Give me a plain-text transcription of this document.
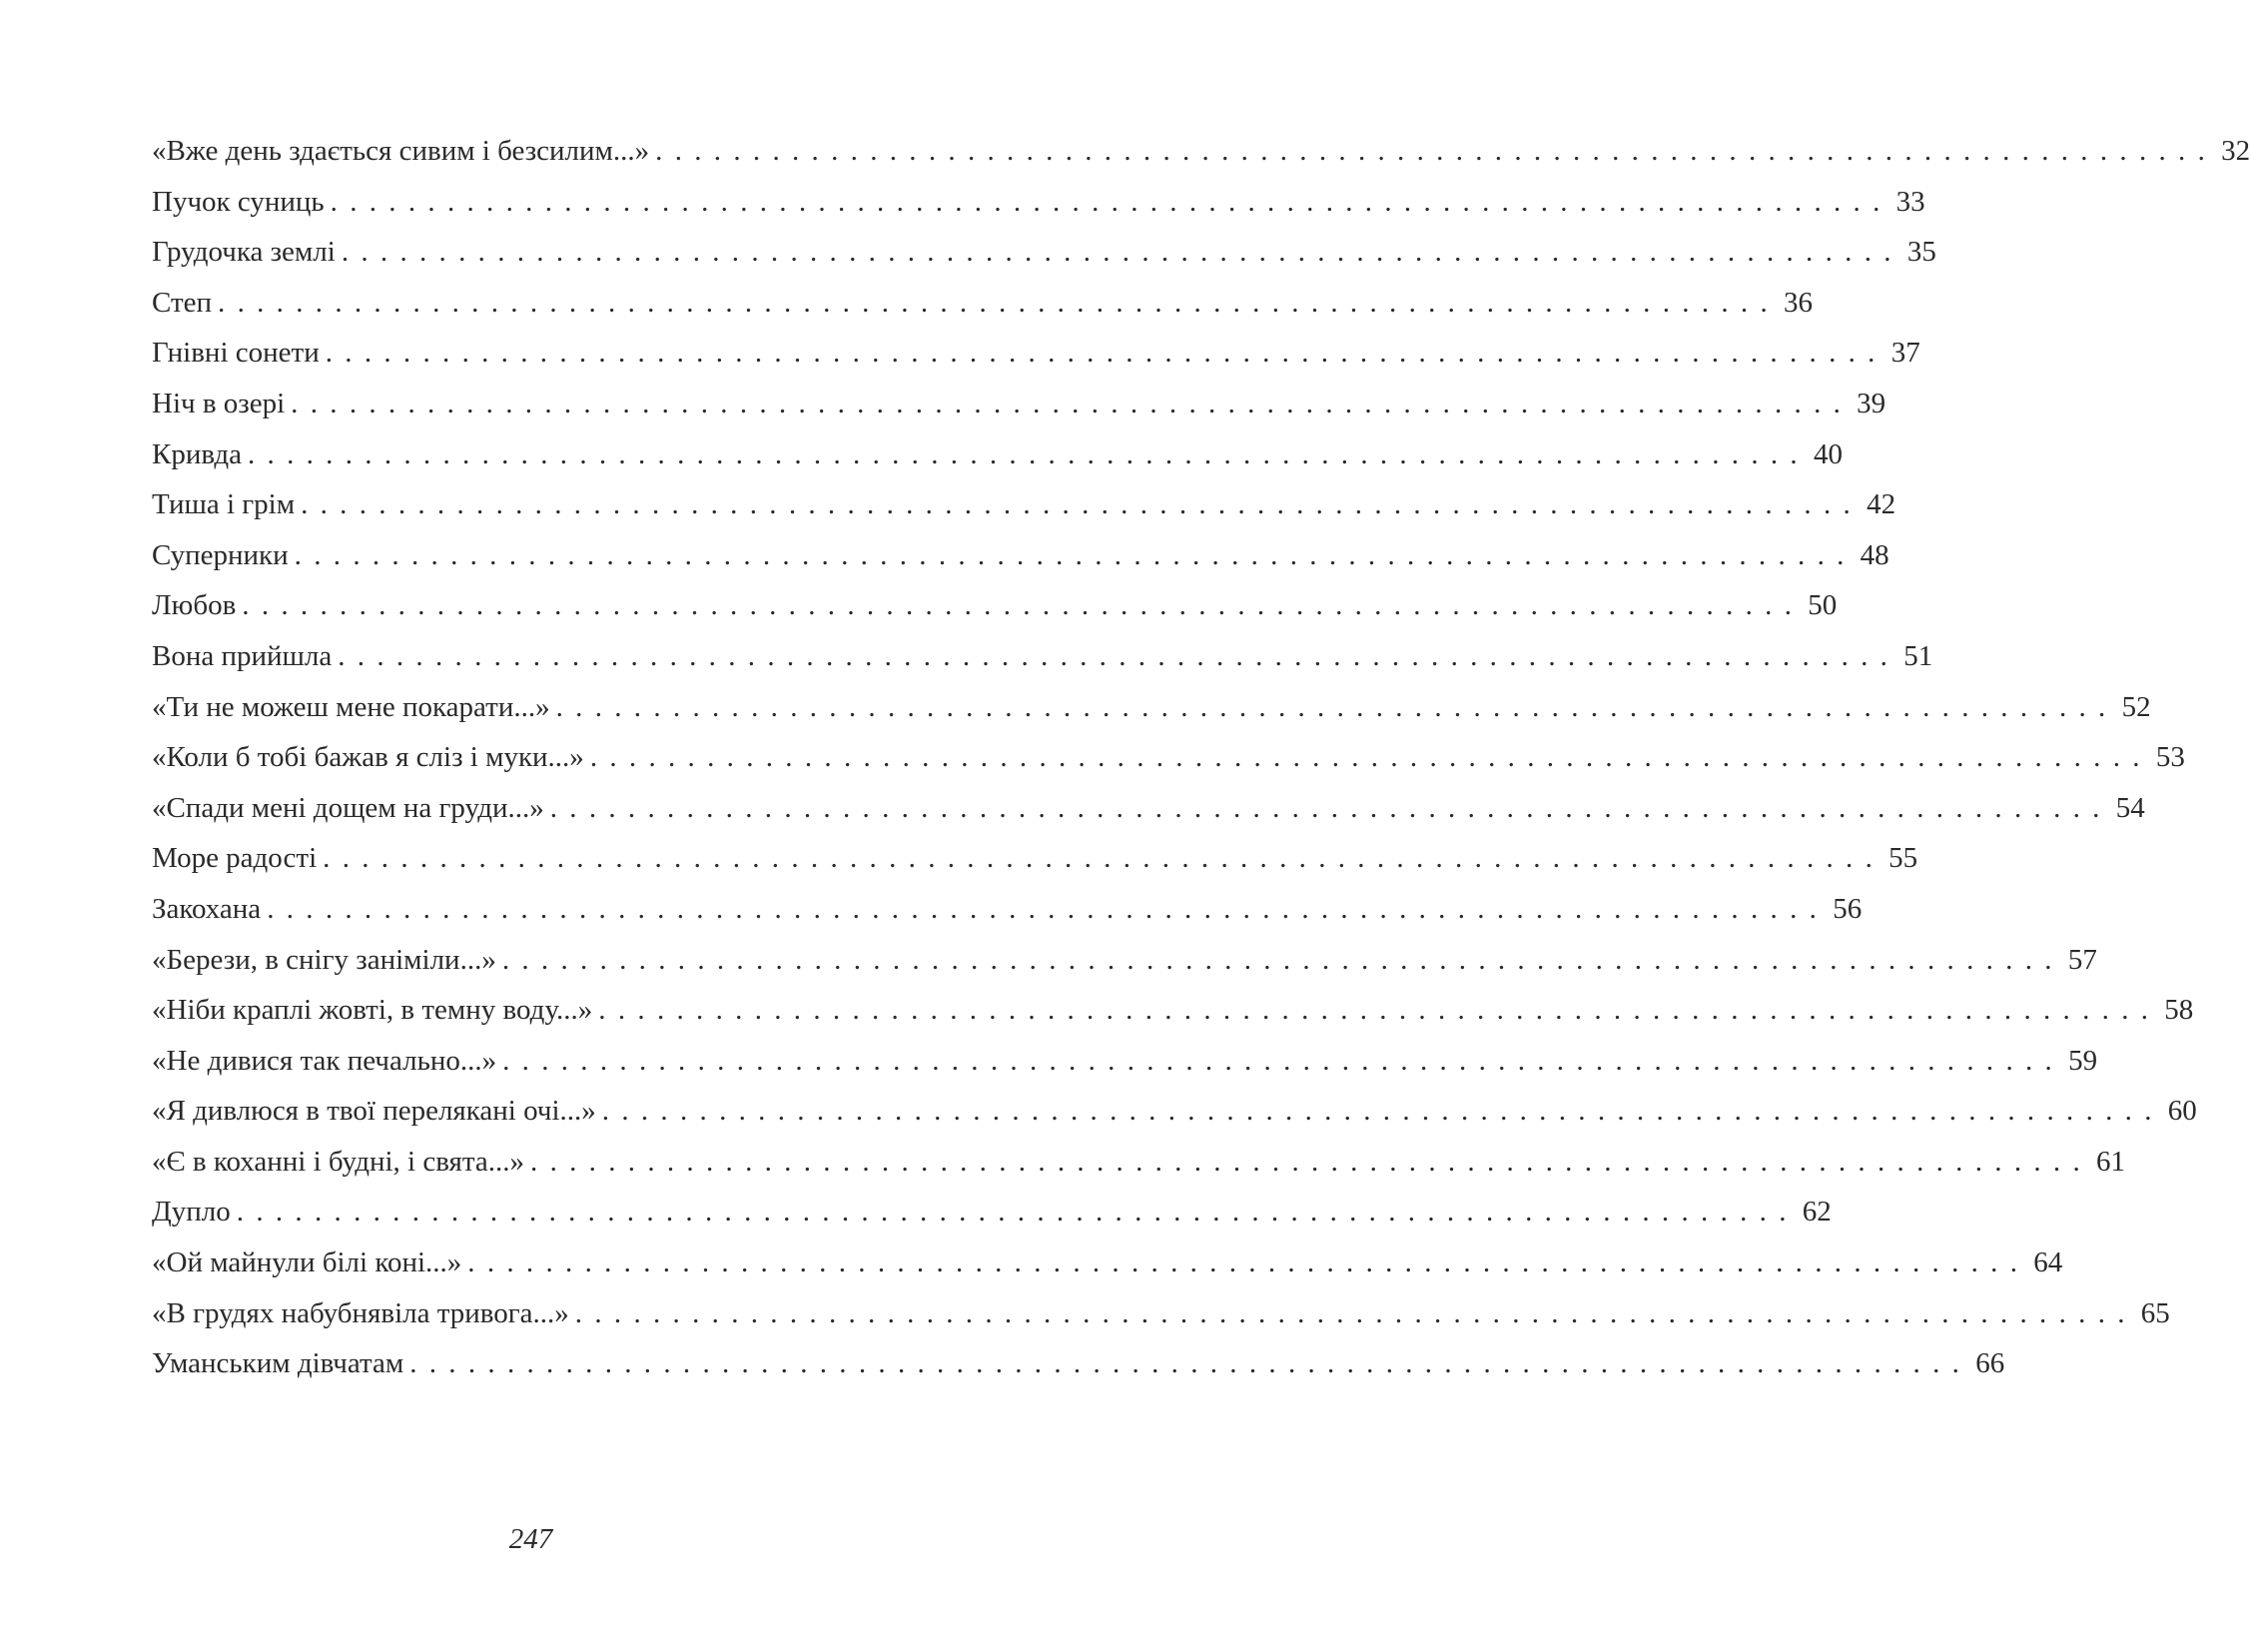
«Вже день здається сивим і безсилим...» ................................................................................ 32
Пучок суниць ................................................................................ 33
Грудочка землі ................................................................................ 35
Степ ................................................................................ 36
Гнівні сонети ................................................................................ 37
Ніч в озері ................................................................................ 39
Кривда ................................................................................ 40
Тиша і грім ................................................................................ 42
Суперники ................................................................................ 48
Любов ................................................................................ 50
Вона прийшла ................................................................................ 51
«Ти не можеш мене покарати...» ................................................................................ 52
«Коли б тобі бажав я сліз і муки...» ................................................................................ 53
«Спади мені дощем на груди...» ................................................................................ 54
Море радості ................................................................................ 55
Закохана ................................................................................ 56
«Берези, в снігу заніміли...» ................................................................................ 57
«Ніби краплі жовті, в темну воду...» ................................................................................ 58
«Не дивися так печально...» ................................................................................ 59
«Я дивлюся в твої перелякані очі...» ................................................................................ 60
«Є в коханні і будні, і свята...» ................................................................................ 61
Дупло ................................................................................ 62
«Ой майнули білі коні...» ................................................................................ 64
«В грудях набубнявіла тривога...» ................................................................................ 65
Уманським дівчатам ................................................................................ 66
247
